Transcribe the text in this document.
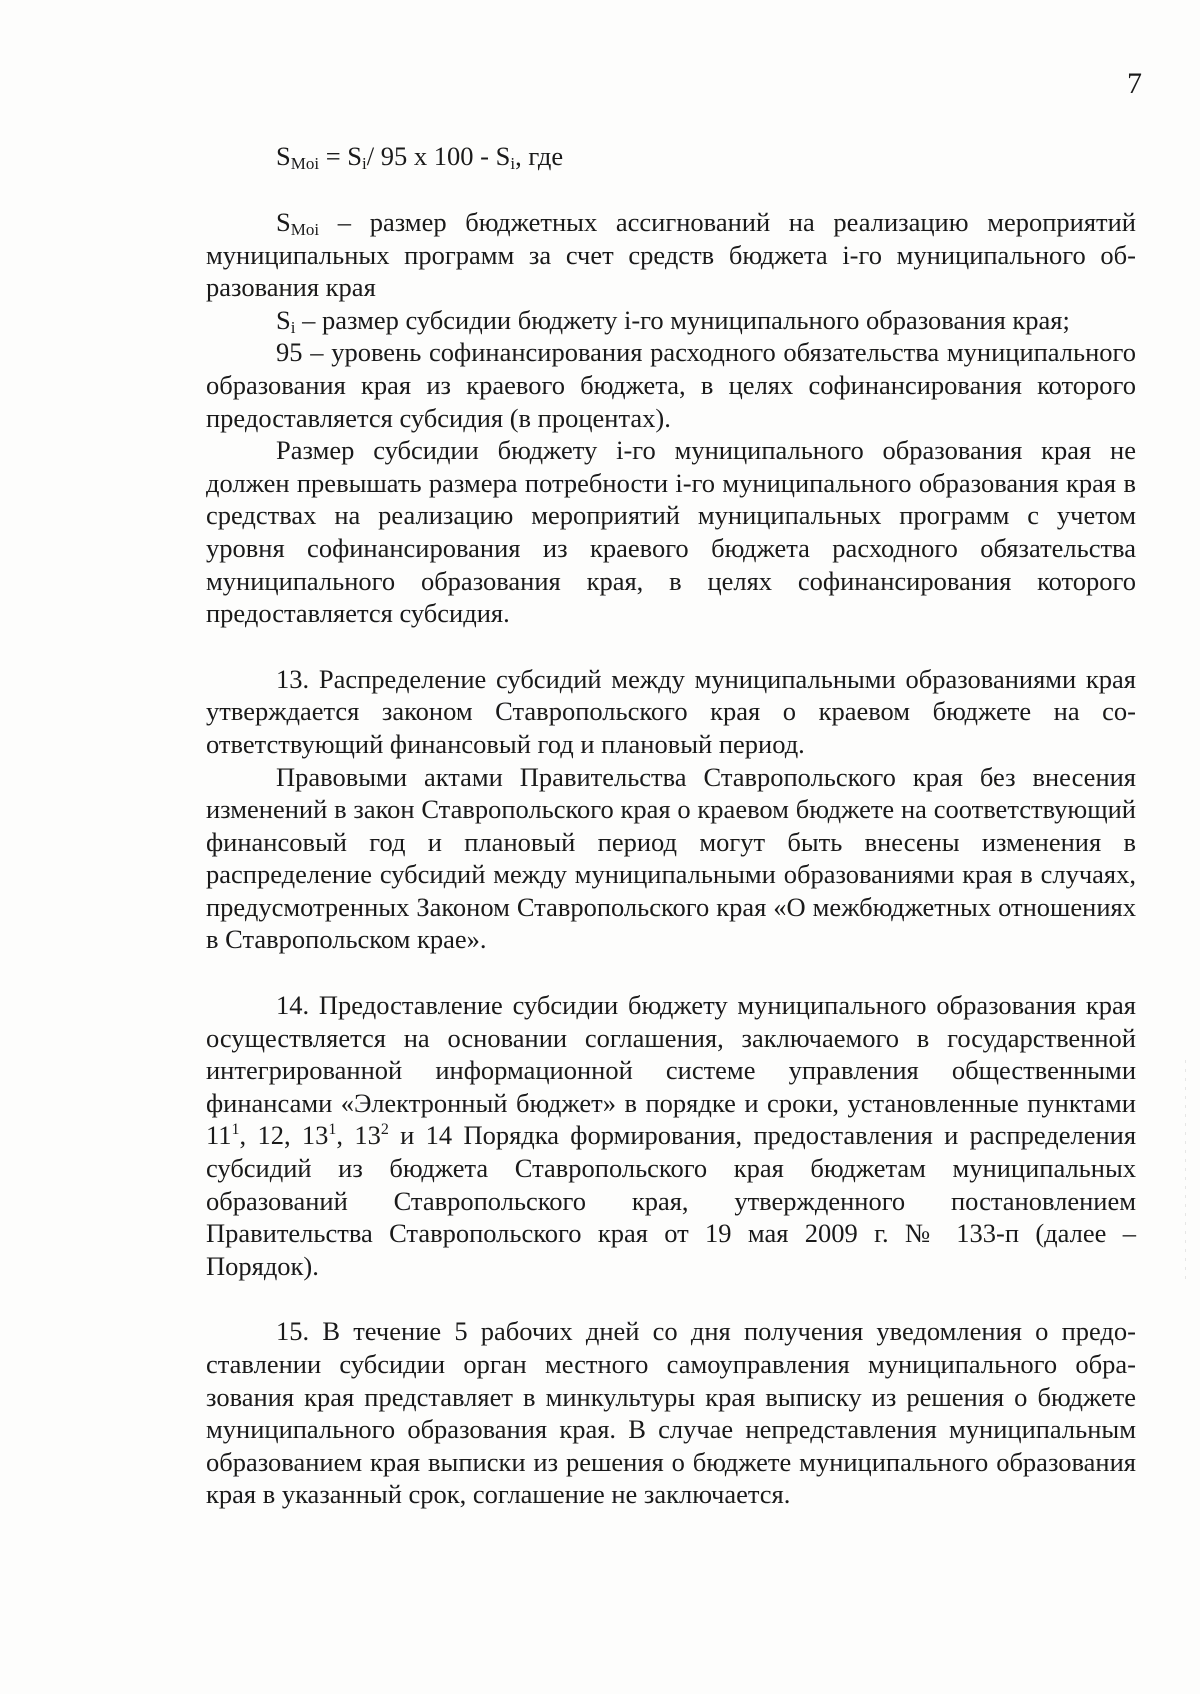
7
$S_{Moi} = S_i/$ 95 x $100 - S_i$, где

$S_{Moi}$ – размер бюджетных ассигнований на реализацию мероприятий муниципальных программ за счет средств бюджета i-го муниципального образования края

$S_i$ – размер субсидии бюджету i-го муниципального образования края;

95 – уровень софинансирования расходного обязательства муниципального образования края из краевого бюджета, в целях софинансирования которого предоставляется субсидия (в процентах).

Размер субсидии бюджету i-го муниципального образования края не должен превышать размера потребности i-го муниципального образования края в средствах на реализацию мероприятий муниципальных программ с учетом уровня софинансирования из краевого бюджета расходного обязательства муниципального образования края, в целях софинансирования которого предоставляется субсидия.

13. Распределение субсидий между муниципальными образованиями края утверждается законом Ставропольского края о краевом бюджете на соответствующий финансовый год и плановый период.

Правовыми актами Правительства Ставропольского края без внесения изменений в закон Ставропольского края о краевом бюджете на соответствующий финансовый год и плановый период могут быть внесены изменения в распределение субсидий между муниципальными образованиями края в случаях, предусмотренных Законом Ставропольского края «О межбюджетных отношениях в Ставропольском крае».

14. Предоставление субсидии бюджету муниципального образования края осуществляется на основании соглашения, заключаемого в государственной интегрированной информационной системе управления общественными финансами «Электронный бюджет» в порядке и сроки, установленные пунктами $11^1$, 12, $13^1$, $13^2$ и 14 Порядка формирования, предоставления и распределения субсидий из бюджета Ставропольского края бюджетам муниципальных образований Ставропольского края, утвержденного постановлением Правительства Ставропольского края от 19 мая 2009 г. № 133-п (далее – Порядок).

15. В течение 5 рабочих дней со дня получения уведомления о предоставлении субсидии орган местного самоуправления муниципального образования края представляет в минкультуры края выписку из решения о бюджете муниципального образования края. В случае непредставления муниципальным образованием края выписки из решения о бюджете муниципального образования края в указанный срок, соглашение не заключается.
